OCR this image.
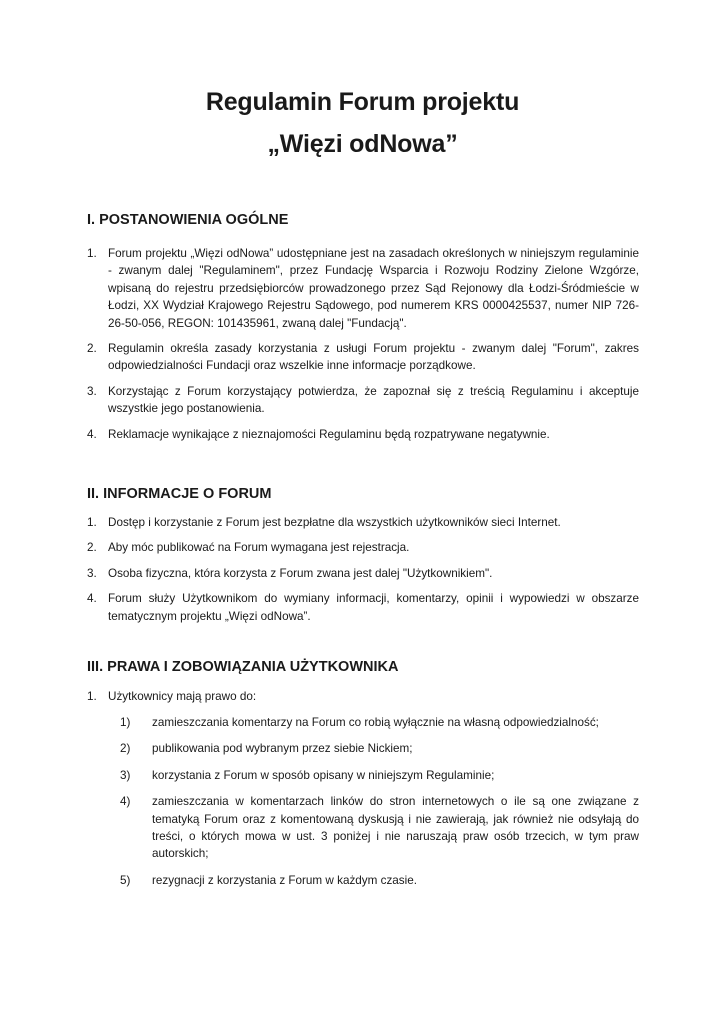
Regulamin Forum projektu
„Więzi odNowa”
I. POSTANOWIENIA OGÓLNE
1. Forum projektu „Więzi odNowa” udostępniane jest na zasadach określonych w niniejszym regulaminie - zwanym dalej "Regulaminem", przez Fundację Wsparcia i Rozwoju Rodziny Zielone Wzgórze, wpisaną do rejestru przedsiębiorców prowadzonego przez Sąd Rejonowy dla Łodzi-Śródmieście w Łodzi, XX Wydział Krajowego Rejestru Sądowego, pod numerem KRS 0000425537, numer NIP 726-26-50-056, REGON: 101435961, zwaną dalej "Fundacją".
2. Regulamin określa zasady korzystania z usługi Forum projektu - zwanym dalej "Forum", zakres odpowiedzialności Fundacji oraz wszelkie inne informacje porządkowe.
3. Korzystając z Forum korzystający potwierdza, że zapoznał się z treścią Regulaminu i akceptuje wszystkie jego postanowienia.
4. Reklamacje wynikające z nieznajomości Regulaminu będą rozpatrywane negatywnie.
II. INFORMACJE O FORUM
1. Dostęp i korzystanie z Forum jest bezpłatne dla wszystkich użytkowników sieci Internet.
2. Aby móc publikować na Forum wymagana jest rejestracja.
3. Osoba fizyczna, która korzysta z Forum zwana jest dalej "Użytkownikiem".
4. Forum służy Użytkownikom do wymiany informacji, komentarzy, opinii i wypowiedzi w obszarze tematycznym projektu „Więzi odNowa”.
III. PRAWA I ZOBOWIĄZANIA UŻYTKOWNIKA
1. Użytkownicy mają prawo do:
1) zamieszczania komentarzy na Forum co robią wyłącznie na własną odpowiedzialność;
2) publikowania pod wybranym przez siebie Nickiem;
3) korzystania z Forum w sposób opisany w niniejszym Regulaminie;
4) zamieszczania w komentarzach linków do stron internetowych o ile są one związane z tematyką Forum oraz z komentowaną dyskusją i nie zawierają, jak również nie odsyłają do treści, o których mowa w ust. 3 poniżej i nie naruszają praw osób trzecich, w tym praw autorskich;
5) rezygnacji z korzystania z Forum w każdym czasie.
